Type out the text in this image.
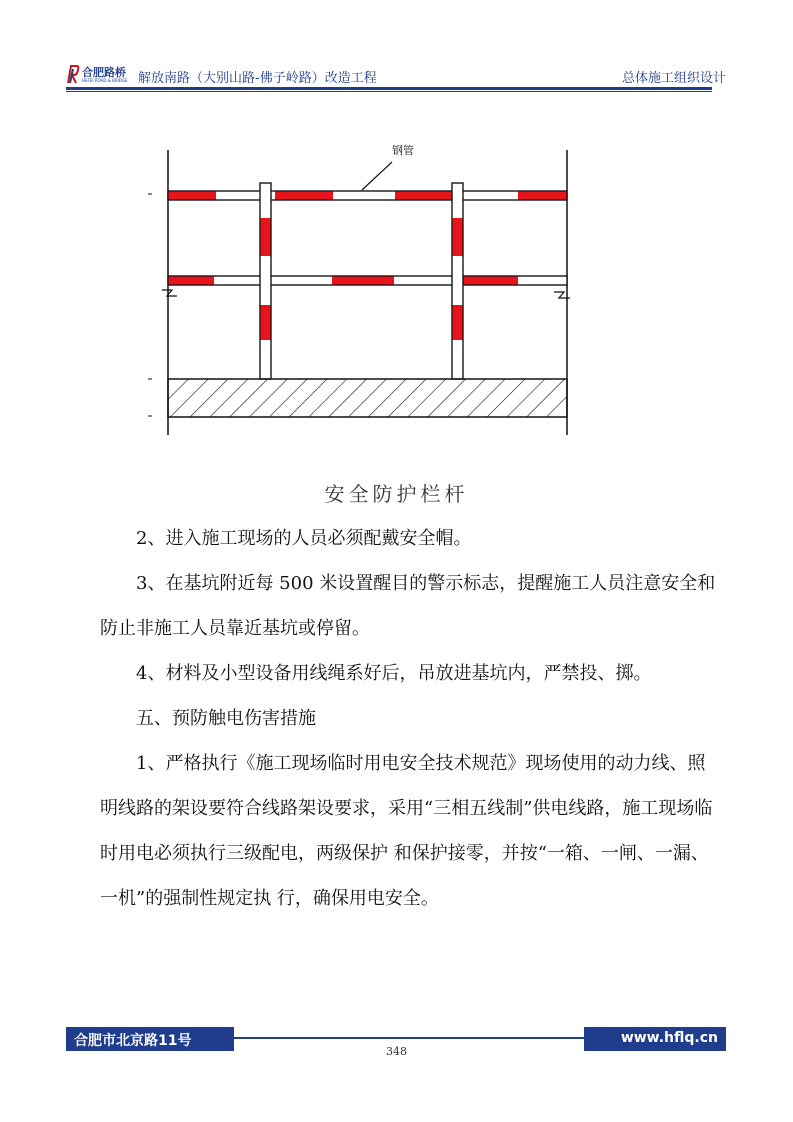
合肥路桥
HEFEI ROAD & BRIDGE 解放南路（大别山路-佛子岭路）改造工程	总体施工组织设计
钢管
安全防护栏杆

2、进入施工现场的人员必须配戴安全帽。

3、在基坑附近每 500 米设置醒目的警示标志，提醒施工人员注意安全和防止非施工人员靠近基坑或停留。

4、材料及小型设备用线绳系好后，吊放进基坑内，严禁投、掷。

五、预防触电伤害措施

1、严格执行《施工现场临时用电安全技术规范》现场使用的动力线、照明线路的架设要符合线路架设要求，采用“三相五线制”供电线路，施工现场临时用电必须执行三级配电，两级保护 和保护接零，并按“一箱、一闸、一漏、一机”的强制性规定执 行，确保用电安全。

合肥市北京路11号	www.hflq.cn
348
